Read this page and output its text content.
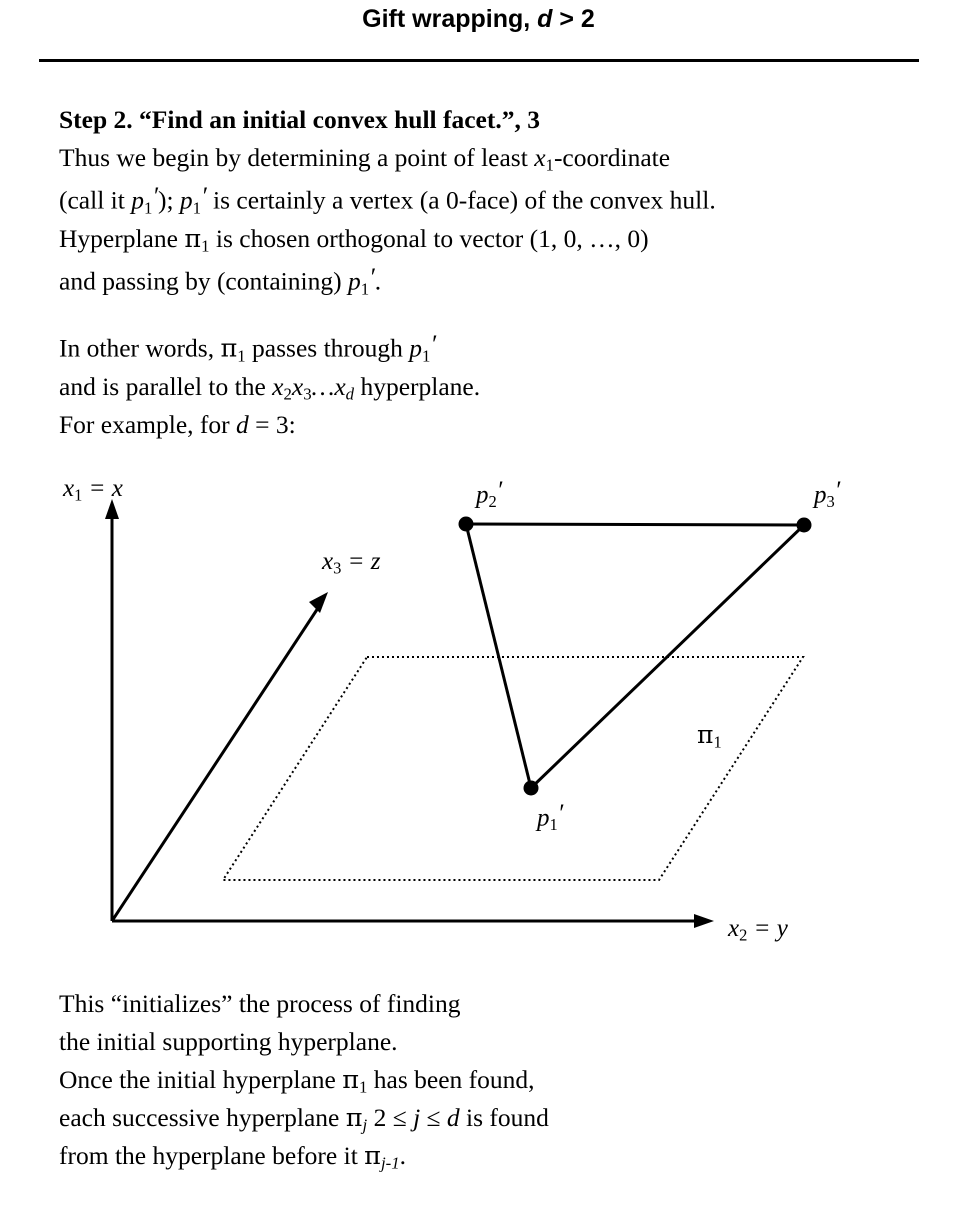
Gift wrapping, d > 2
Step 2. “Find an initial convex hull facet.”, 3
Thus we begin by determining a point of least $x_1$-coordinate
(call it $p_1'$); $p_1'$ is certainly a vertex (a 0-face) of the convex hull.
Hyperplane $\pi_1$ is chosen orthogonal to vector (1, 0, …, 0)
and passing by (containing) $p_1'$.
In other words, $\pi_1$ passes through $p_1'$
and is parallel to the $x_2x_3\dots x_d$ hyperplane.
For example, for d = 3:
$x_1 = x$
$x_3 = z$
$x_2 = y$
$p_2'$	$p_3'$
$p_1'$
$\pi_1$
This “initializes” the process of finding
the initial supporting hyperplane.
Once the initial hyperplane $\pi_1$ has been found,
each successive hyperplane $\pi_j$ 2 ≤ j ≤ d is found
from the hyperplane before it $\pi_{j-1}$.
